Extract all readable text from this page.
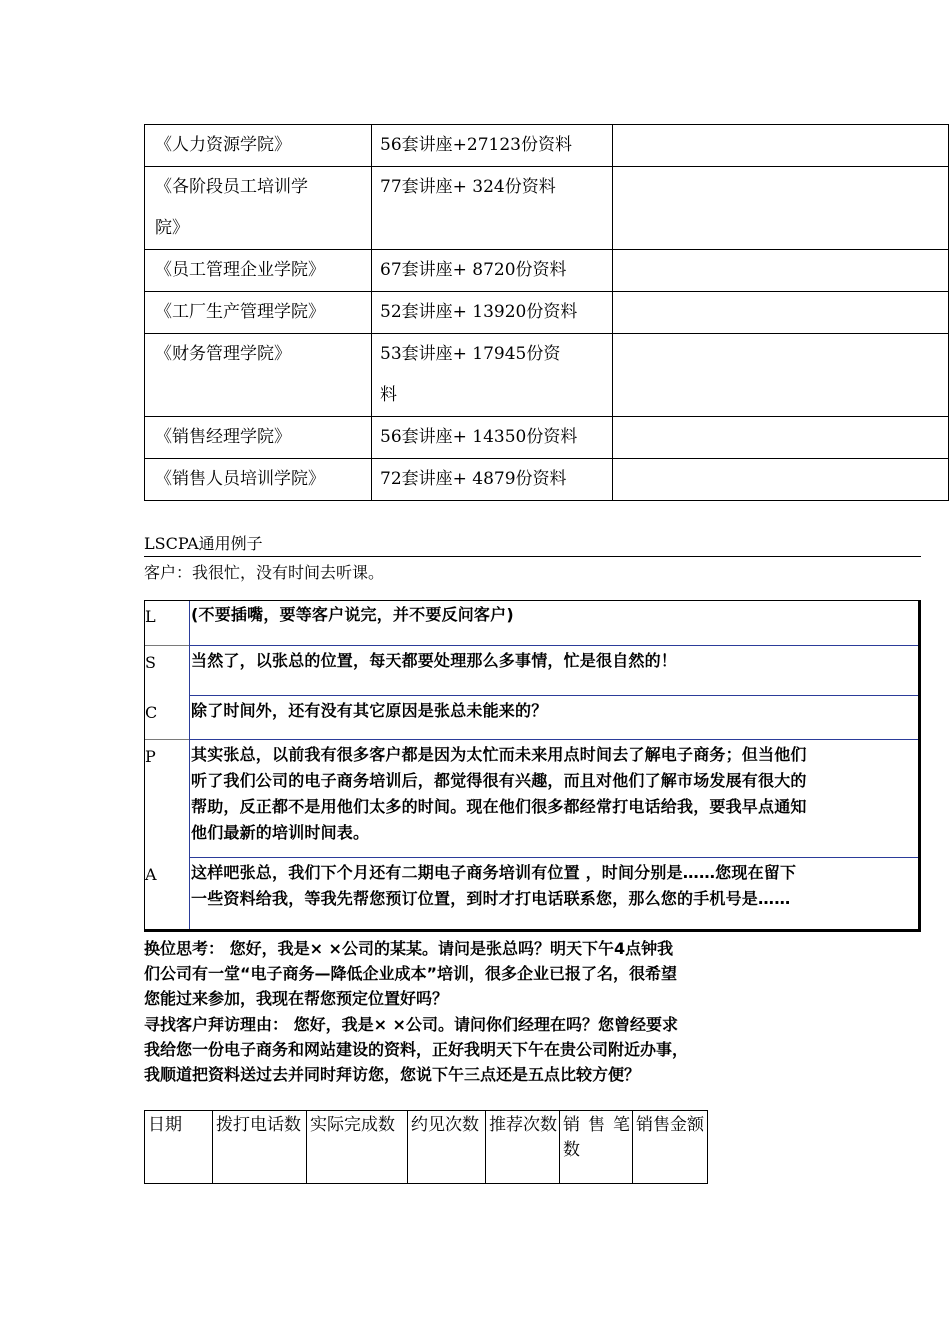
《人力资源学院》	56套讲座+27123份资料	
《各阶段员工培训学院》	77套讲座+ 324份资料	
《员工管理企业学院》	67套讲座+ 8720份资料	
《工厂生产管理学院》	52套讲座+ 13920份资料	
《财务管理学院》	53套讲座+ 17945份资料	
《销售经理学院》	56套讲座+ 14350份资料	
《销售人员培训学院》	72套讲座+ 4879份资料	
LSCPA通用例子
客户：我很忙，没有时间去听课。
L	(不要插嘴，要等客户说完，并不要反问客户)
S	当然了，以张总的位置，每天都要处理那么多事情，忙是很自然的！
C	除了时间外，还有没有其它原因是张总未能来的？
P	其实张总，以前我有很多客户都是因为太忙而未来用点时间去了解电子商务；但当他们
听了我们公司的电子商务培训后，都觉得很有兴趣，而且对他们了解市场发展有很大的
帮助，反正都不是用他们太多的时间。现在他们很多都经常打电话给我，要我早点通知
他们最新的培训时间表。
A	这样吧张总，我们下个月还有二期电子商务培训有位置 ，时间分别是……您现在留下
一些资料给我，等我先帮您预订位置，到时才打电话联系您，那么您的手机号是……
换位思考： 您好，我是× ×公司的某某。请问是张总吗？明天下午4点钟我
们公司有一堂“电子商务—降低企业成本”培训，很多企业已报了名，很希望
您能过来参加，我现在帮您预定位置好吗？
寻找客户拜访理由： 您好，我是× ×公司。请问你们经理在吗？您曾经要求
我给您一份电子商务和网站建设的资料，正好我明天下午在贵公司附近办事，
我顺道把资料送过去并同时拜访您，您说下午三点还是五点比较方便？
日期	拨打电话数	实际完成数	约见次数	推荐次数	销售笔数	销售金额
